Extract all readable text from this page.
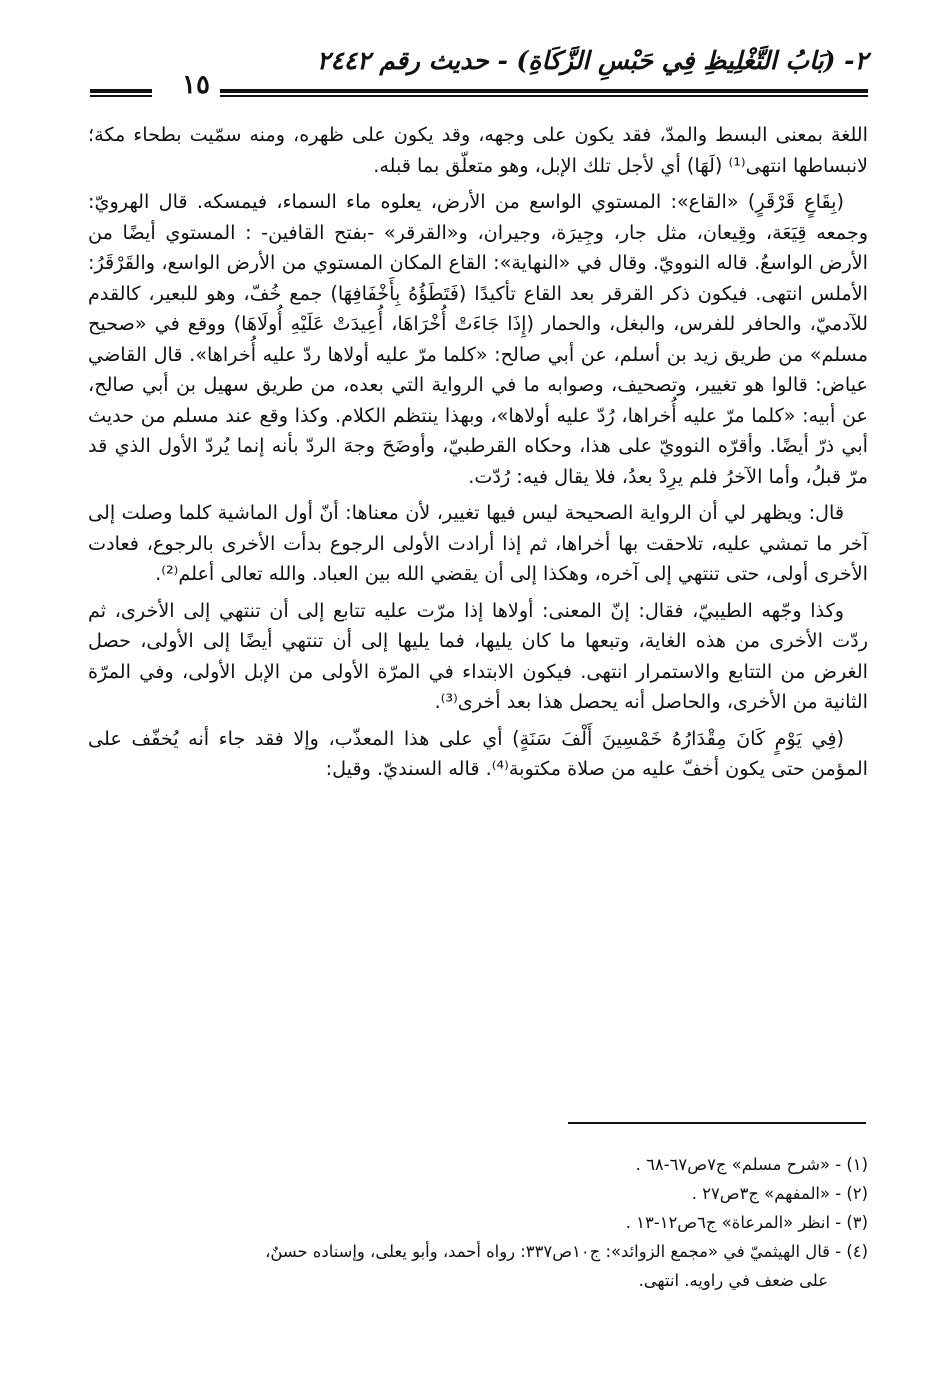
٢- (بَابُ التَّغْلِيظِ فِي حَبْسِ الزَّكَاةِ) - حديث رقم ٢٤٤٢
١٥

اللغة بمعنى البسط والمدّ، فقد يكون على وجهه، وقد يكون على ظهره، ومنه سمّيت بطحاء مكة؛ لانبساطها انتهى⁽¹⁾ (لَهَا) أي لأجل تلك الإبل، وهو متعلّق بما قبله.

(بِقَاعٍ قَرْقَرٍ) «القاع»: المستوي الواسع من الأرض، يعلوه ماء السماء، فيمسكه. قال الهرويّ: وجمعه قِيَعَة، وقِيعان، مثل جار، وجِيرَة، وجيران، و«القرقر» -بفتح القافين- : المستوي أيضًا من الأرض الواسعُ. قاله النوويّ. وقال في «النهاية»: القاع المكان المستوي من الأرض الواسع، والقَرْقَرُ: الأملس انتهى. فيكون ذكر القرقر بعد القاع تأكيدًا (فَتَطَؤُهُ بِأَخْفَافِهَا) جمع خُفّ، وهو للبعير، كالقدم للآدميّ، والحافر للفرس، والبغل، والحمار (إِذَا جَاءَتْ أُخْرَاهَا، أُعِيدَتْ عَلَيْهِ أُولَاهَا) ووقع في «صحيح مسلم» من طريق زيد بن أسلم، عن أبي صالح: «كلما مرّ عليه أولاها ردّ عليه أُخراها». قال القاضي عياض: قالوا هو تغيير، وتصحيف، وصوابه ما في الرواية التي بعده، من طريق سهيل بن أبي صالح، عن أبيه: «كلما مرّ عليه أُخراها، رُدّ عليه أولاها»، وبهذا ينتظم الكلام. وكذا وقع عند مسلم من حديث أبي ذرّ أيضًا. وأقرّه النوويّ على هذا، وحكاه القرطبيّ، وأوضَحَ وجهَ الردّ بأنه إنما يُردّ الأول الذي قد مرّ قبلُ، وأما الآخرُ فلم يرِدْ بعدُ، فلا يقال فيه: رُدّت.

قال: ويظهر لي أن الرواية الصحيحة ليس فيها تغيير، لأن معناها: أنّ أول الماشية كلما وصلت إلى آخر ما تمشي عليه، تلاحقت بها أخراها، ثم إذا أرادت الأولى الرجوع بدأت الأخرى بالرجوع، فعادت الأخرى أولى، حتى تنتهي إلى آخره، وهكذا إلى أن يقضي الله بين العباد. والله تعالى أعلم⁽²⁾.

وكذا وجّهه الطيبيّ، فقال: إنّ المعنى: أولاها إذا مرّت عليه تتابع إلى أن تنتهي إلى الأخرى، ثم ردّت الأخرى من هذه الغاية، وتبعها ما كان يليها، فما يليها إلى أن تنتهي أيضًا إلى الأولى، حصل الغرض من التتابع والاستمرار انتهى. فيكون الابتداء في المرّة الأولى من الإبل الأولى، وفي المرّة الثانية من الأخرى، والحاصل أنه يحصل هذا بعد أخرى⁽³⁾.

(فِي يَوْمٍ كَانَ مِقْدَارُهُ خَمْسِينَ أَلْفَ سَنَةٍ) أي على هذا المعذّب، وإلا فقد جاء أنه يُخفّف على المؤمن حتى يكون أخفّ عليه من صلاة مكتوبة⁽⁴⁾. قاله السنديّ. وقيل:

(١) - «شرح مسلم» ج٧ص٦٧-٦٨ .

(٢) - «المفهم» ج٣ص٢٧ .

(٣) - انظر «المرعاة» ج٦ص١٢-١٣ .

(٤) - قال الهيثميّ في «مجمع الزوائد»: ج١٠ص٣٣٧: رواه أحمد، وأبو يعلى، وإسناده حسنٌ،

على ضعف في راويه. انتهى.
